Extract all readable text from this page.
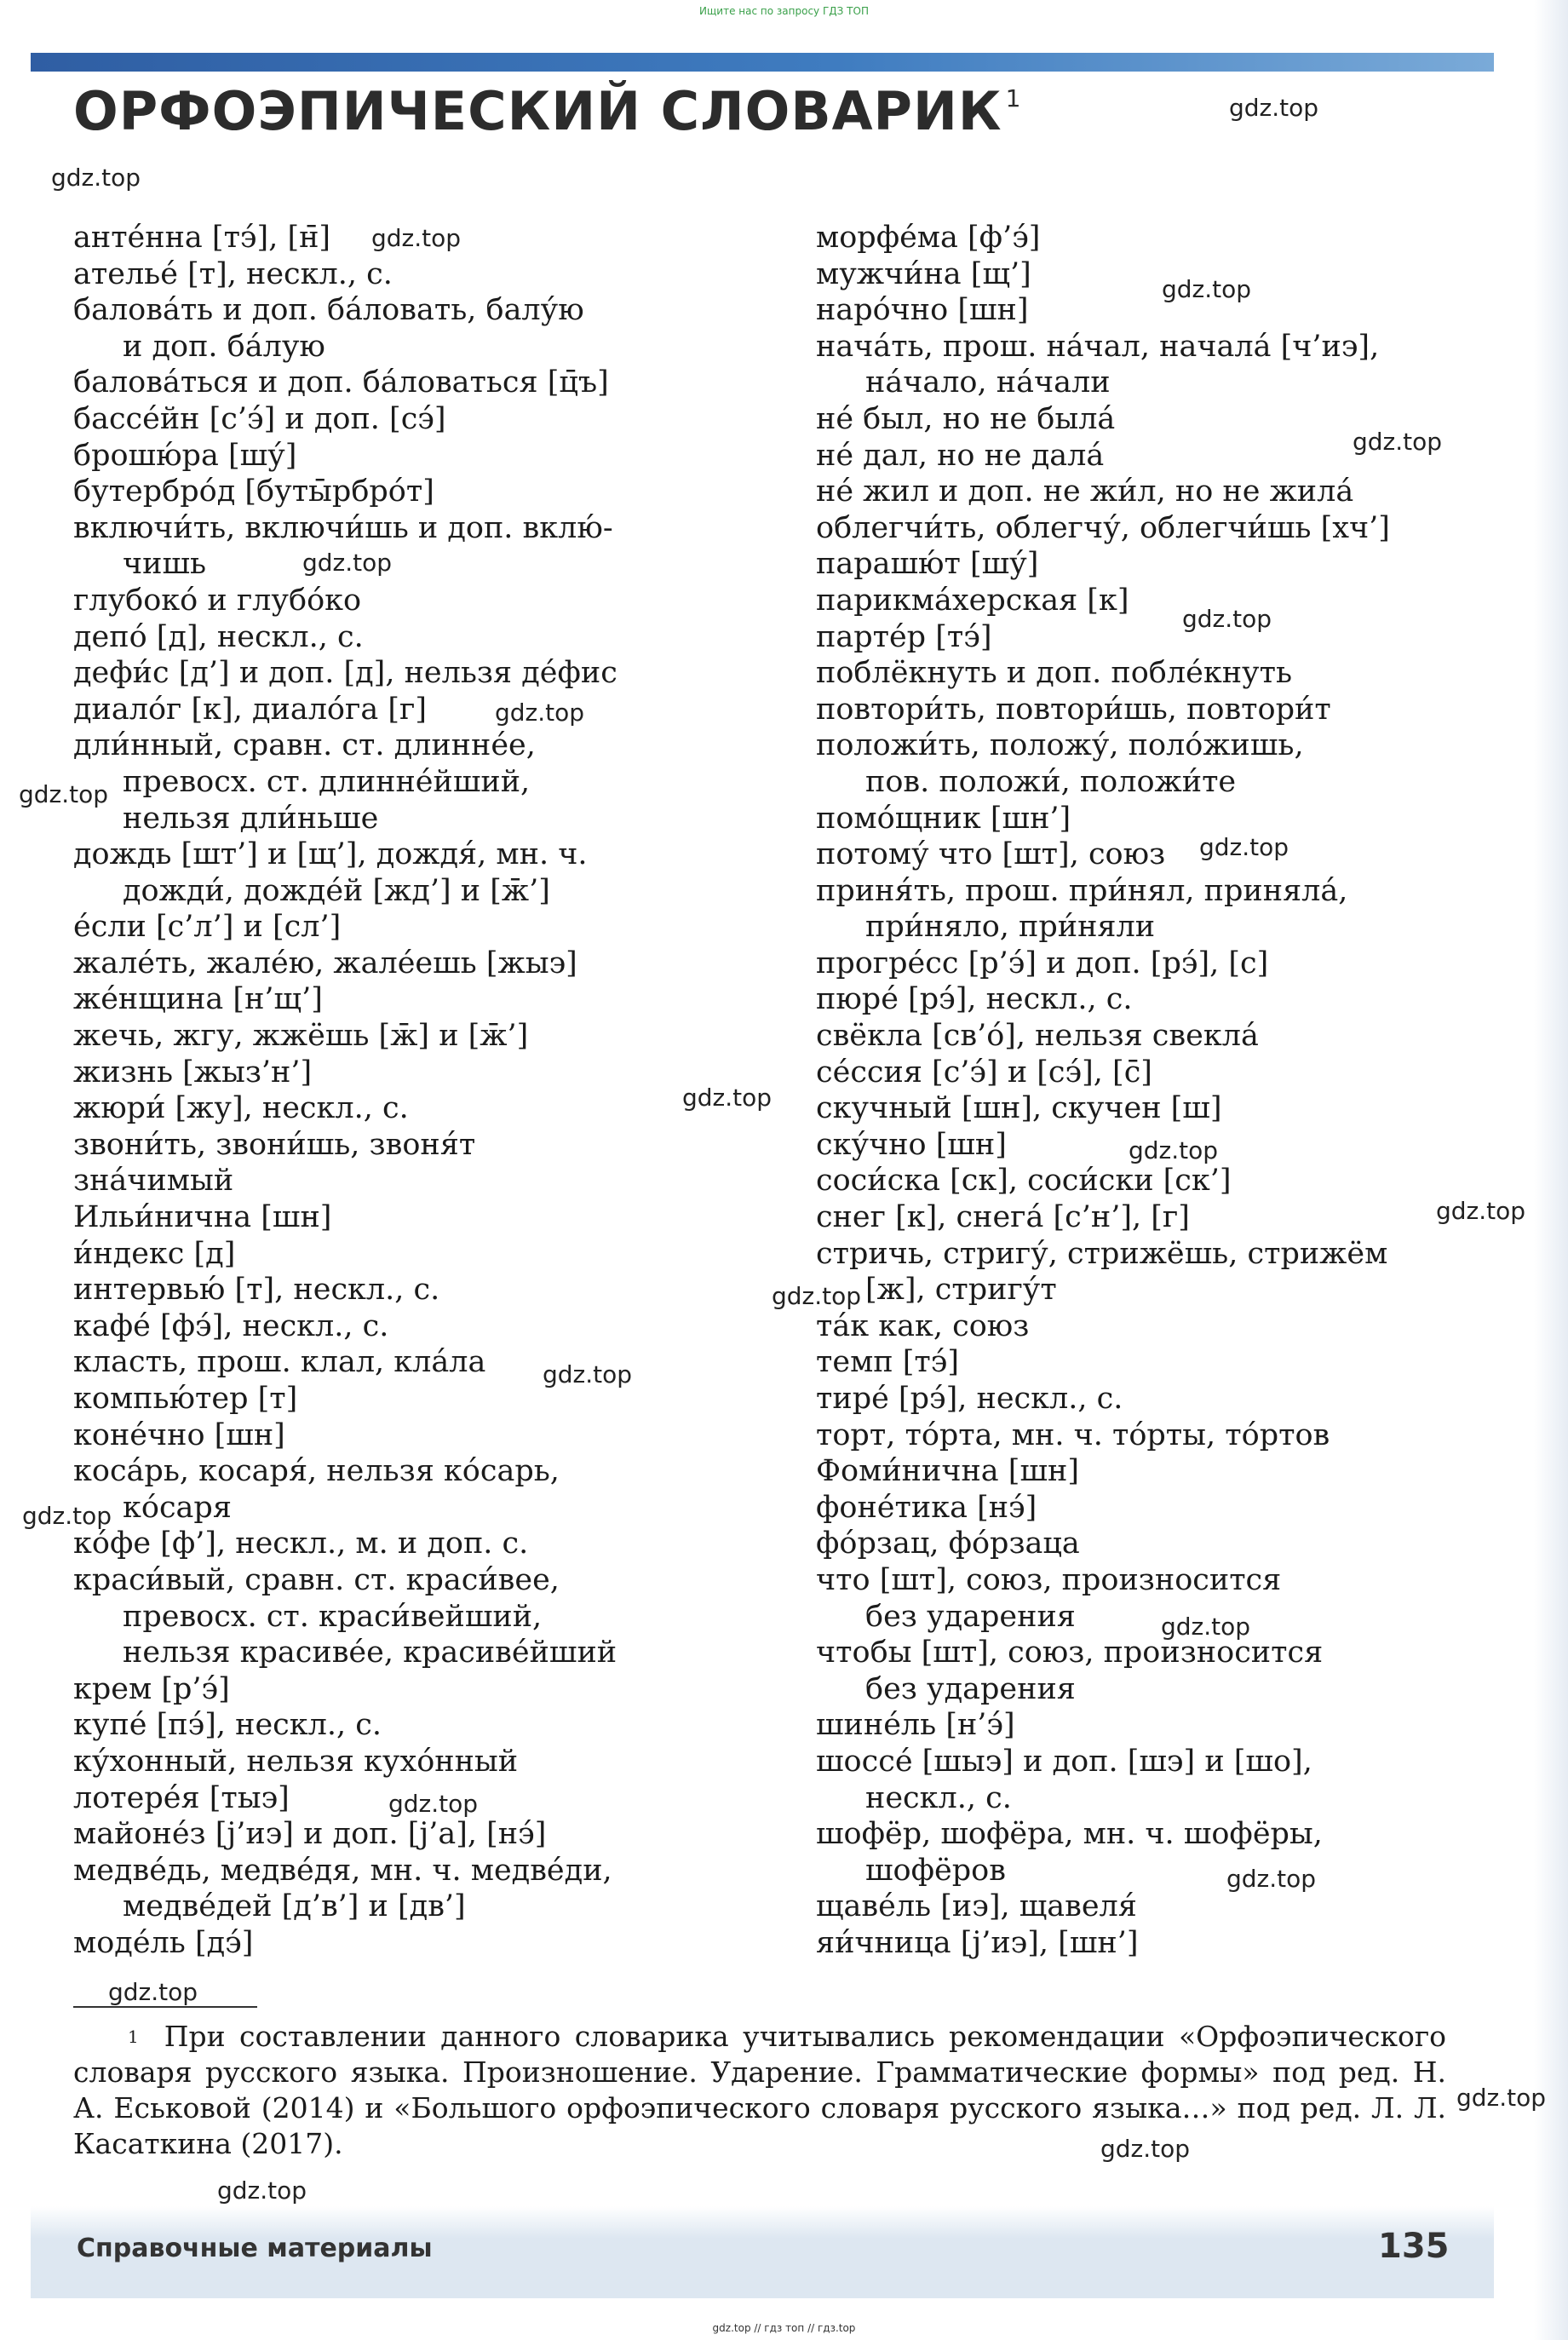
Ищите нас по запросу ГДЗ ТОП
ОРФОЭПИЧЕСКИЙ СЛОВАРИК $^1$
анте́нна [тэ́], [н̄]
ателье́ [т], нескл., с.
балова́ть и доп. ба́ловать, балу́ю
и доп. ба́лую
балова́ться и доп. ба́ловаться [ц̄ъ]
бассе́йн [с’э́] и доп. [сэ́]
брошю́ра [шу́]
бутербро́д [буты̄рбро́т]
включи́ть, включи́шь и доп. вклю́-
чишь
глубоко́ и глубо́ко
депо́ [д], нескл., с.
дефи́с [д’] и доп. [д], нельзя де́фис
диало́г [к], диало́га [г]
дли́нный, сравн. ст. длинне́е,
превосх. ст. длинне́йший,
нельзя дли́ньше
дождь [шт’] и [щ’], дождя́, мн. ч.
дожди́, дожде́й [жд’] и [ж̄’]
е́сли [с’л’] и [сл’]
жале́ть, жале́ю, жале́ешь [жыэ]
же́нщина [н’щ’]
жечь, жгу, жжёшь [ж̄] и [ж̄’]
жизнь [жыз’н’]
жюри́ [жу], нескл., с.
звони́ть, звони́шь, звоня́т
зна́чимый
Ильи́нична [шн]
и́ндекс [д]
интервью́ [т], нескл., с.
кафе́ [фэ́], нескл., с.
класть, прош. клал, кла́ла
компью́тер [т]
коне́чно [шн]
коса́рь, косаря́, нельзя ко́сарь,
ко́саря
ко́фе [ф’], нескл., м. и доп. с.
краси́вый, сравн. ст. краси́вее,
превосх. ст. краси́вейший,
нельзя красиве́е, красиве́йший
крем [р’э́]
купе́ [пэ́], нескл., с.
ку́хонный, нельзя кухо́нный
лотере́я [тыэ]
майоне́з [j’иэ] и доп. [j’а], [нэ́]
медве́дь, медве́дя, мн. ч. медве́ди,
медве́дей [д’в’] и [дв’]
моде́ль [дэ́]
морфе́ма [ф’э́]
мужчи́на [щ’]
наро́чно [шн]
нача́ть, прош. на́чал, начала́ [ч’иэ],
на́чало, на́чали
не́ был, но не была́
не́ дал, но не дала́
не́ жил и доп. не жи́л, но не жила́
облегчи́ть, облегчу́, облегчи́шь [хч’]
парашю́т [шу́]
парикма́херская [к]
парте́р [тэ́]
поблёкнуть и доп. побле́кнуть
повтори́ть, повтори́шь, повтори́т
положи́ть, положу́, поло́жишь,
пов. положи́, положи́те
помо́щник [шн’]
потому́ что [шт], союз
приня́ть, прош. при́нял, приняла́,
при́няло, при́няли
прогре́сс [р’э́] и доп. [рэ́], [с]
пюре́ [рэ́], нескл., с.
свёкла [св’о́], нельзя свекла́
се́ссия [с’э́] и [сэ́], [с̄]
скучный [шн], скучен [ш]
ску́чно [шн]
соси́ска [ск], соси́ски [ск’]
снег [к], снега́ [с’н’], [г]
стричь, стригу́, стрижёшь, стрижём
[ж], стригу́т
та́к как, союз
темп [тэ́]
тире́ [рэ́], нескл., с.
торт, то́рта, мн. ч. то́рты, то́ртов
Фоми́нична [шн]
фоне́тика [нэ́]
фо́рзац, фо́рзаца
что [шт], союз, произносится
без ударения
чтобы [шт], союз, произносится
без ударения
шине́ль [н’э́]
шоссе́ [шыэ] и доп. [шэ] и [шо],
нескл., с.
шофёр, шофёра, мн. ч. шофёры,
шофёров
щаве́ль [иэ], щавеля́
яи́чница [j’иэ], [шн’]
$^1$ При составлении данного словарика учитывались рекомендации «Орфоэпического словаря русского языка. Произношение. Ударение. Грамматические формы» под ред. Н. А. Еськовой (2014) и «Большого орфоэпического словаря русского языка…» под ред. Л. Л. Касаткина (2017).
Справочные материалы	135
gdz.top // гдз топ // гдз.top
gdz.top
gdz.top
gdz.top
gdz.top
gdz.top
gdz.top
gdz.top
gdz.top
gdz.top
gdz.top
gdz.top
gdz.top
gdz.top
gdz.top
gdz.top
gdz.top
gdz.top
gdz.top
gdz.top
gdz.top
gdz.top
gdz.top
gdz.top
